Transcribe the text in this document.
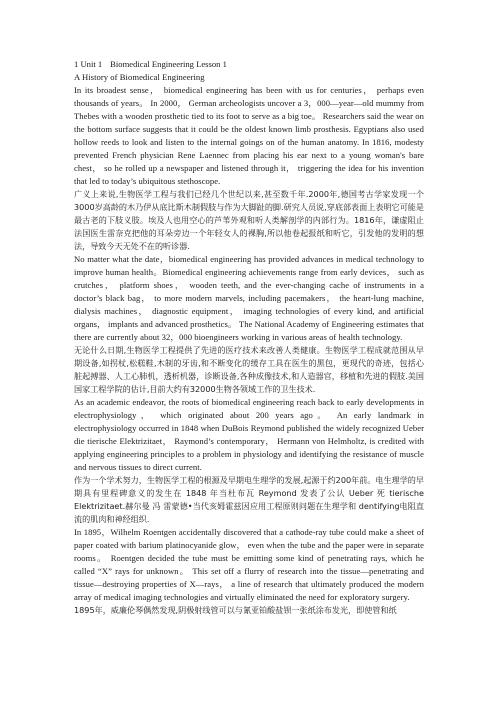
1 Unit 1 Biomedical Engineering Lesson 1

A History of Biomedical Engineering

In its broadest sense， biomedical engineering has been with us for centuries， perhaps even thousands of years。 In 2000， German archeologists uncover a 3，000—year—old mummy from Thebes with a wooden prosthetic tied to its foot to serve as a big toe。 Researchers said the wear on the bottom surface suggests that it could be the oldest known limb prosthesis. Egyptians also used hollow reeds to look and listen to the internal goings on of the human anatomy. In 1816, modesty prevented French physician Rene Laennec from placing his ear next to a young woman's bare chest， so he rolled up a newspaper and listened through it， triggering the idea for his invention that led to today’s ubiquitous stethoscope.

广义上来说,生物医学工程与我们已经几个世纪以来,甚至数千年.2000年,德国考古学家发现一个3000岁高龄的木乃伊从底比斯木制假肢与作为大脚趾的脚.研究人员说,穿底部表面上表明它可能是最古老的下肢义肢。埃及人也用空心的芦苇外观和听人类解剖学的内部行为。1816年，谦虚阻止法国医生雷奈克把他的耳朵旁边一个年轻女人的裸胸,所以他卷起报纸和听它，引发他的发明的想法，导致今天无处不在的听诊器.

No matter what the date，biomedical engineering has provided advances in medical technology to improve human health。Biomedical engineering achievements range from early devices， such as crutches， platform shoes， wooden teeth, and the ever-changing cache of instruments in a doctor’s black bag， to more modern marvels, including pacemakers， the heart-lung machine, dialysis machines， diagnostic equipment， imaging technologies of every kind, and artificial organs， implants and advanced prosthetics。 The National Academy of Engineering estimates that there are currently about 32，000 bioengineers working in various areas of health technology.

无论什么日期,生物医学工程提供了先进的医疗技术来改善人类健康。生物医学工程成就范围从早期设备,如拐杖,松糕鞋,木制的牙齿,和不断变化的缓存工具在医生的黑包，更现代的奇迹，包括心脏起搏器、人工心肺机，透析机器，诊断设备,各种成像技术,和人造器官，移植和先进的假肢.美国国家工程学院的估计,目前大约有32000生物各领域工作的卫生技术.

As an academic endeavor, the roots of biomedical engineering reach back to early developments in electrophysiology， which originated about 200 years ago。 An early landmark in electrophysiology occurred in 1848 when DuBois Reymond published the widely recognized Ueber die tierische Elektrizitaet， Raymond’s contemporary， Hermann von Helmholtz, is credited with applying engineering principles to a problem in physiology and identifying the resistance of muscle and nervous tissues to direct current.

作为一个学术努力，生物医学工程的根源及早期电生理学的发展,起源于约200年前。电生理学的早期具有里程碑意义的发生在 1848 年当杜布瓦 Reymond 发表了公认 Ueber 死 tierische Elektrizitaet.赫尔曼 冯 雷蒙德•当代亥姆霍兹因应用工程原则问题在生理学和 dentifying电阻直流的肌肉和神经组织.

In 1895，Wilhelm Roentgen accidentally discovered that a cathode-ray tube could make a sheet of paper coated with barium platinocyanide glow， even when the tube and the paper were in separate rooms。 Roentgen decided the tube must be emitting some kind of penetrating rays, which he called “X” rays for unknown。 This set off a flurry of research into the tissue—penetrating and tissue—destroying properties of X—rays， a line of research that ultimately produced the modern array of medical imaging technologies and virtually eliminated the need for exploratory surgery.

1895年，威廉伦琴偶然发现,阴极射线管可以与氰亚铂酸盐钡一张纸涂布发光，即使管和纸
